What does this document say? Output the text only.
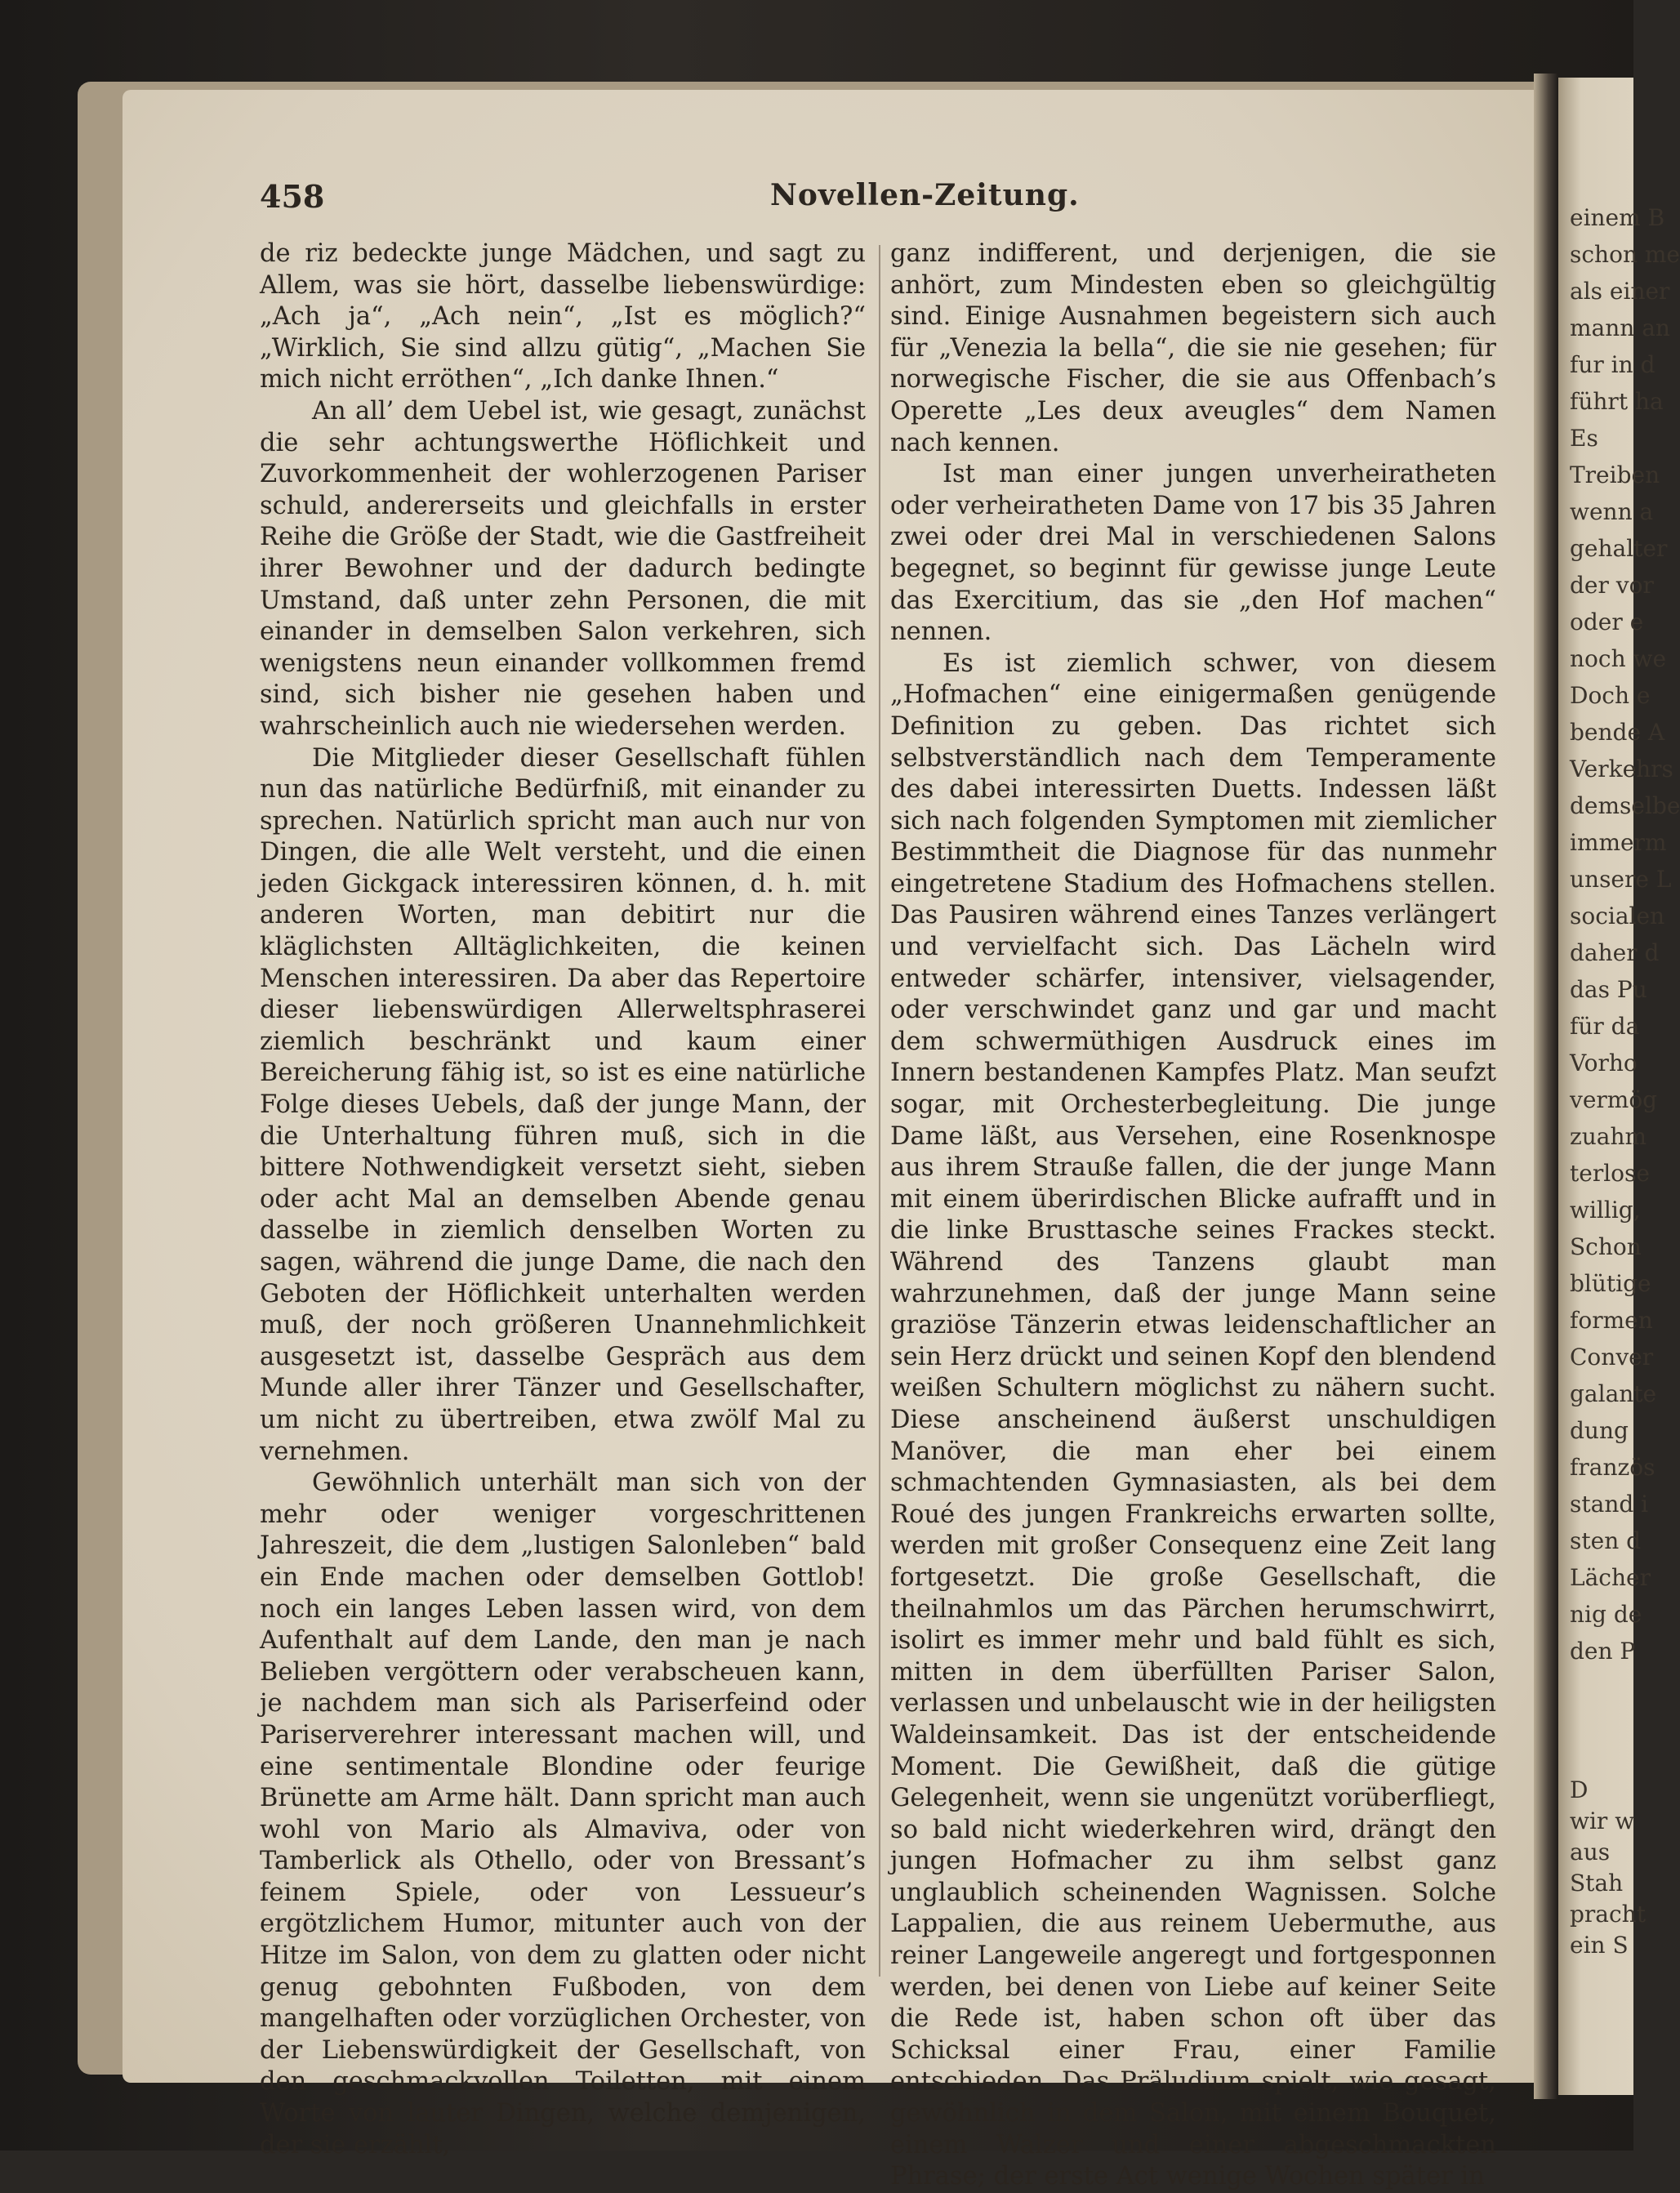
einem B
schon me
als einer
mann an
fur in d
führt ha
Es
Treiben
wenn a
gehalter
der vor
oder e
noch we
Doch e
bende A
Verkehrs
demselbe
immerm
unsere L
socialen
daher d
das Pu
für da
Vorho
vermög
zuahm
terlose
willig,
Schon
blütige
formen
Conver
galante
dung
französ
stand i
sten d
Lächer
nig de
den P
D
wir w
aus
Stah
pracht
ein S
458	Novellen-Zeitung.

de riz bedeckte junge Mädchen, und sagt zu Allem, was sie hört, dasselbe liebenswürdige: „Ach ja“, „Ach nein“, „Ist es möglich?“ „Wirklich, Sie sind allzu gütig“, „Machen Sie mich nicht erröthen“, „Ich danke Ihnen.“

An all’ dem Uebel ist, wie gesagt, zunächst die sehr achtungswerthe Höflichkeit und Zuvorkommenheit der wohlerzogenen Pariser schuld, andererseits und gleichfalls in erster Reihe die Größe der Stadt, wie die Gastfreiheit ihrer Bewohner und der dadurch bedingte Umstand, daß unter zehn Personen, die mit einander in demselben Salon verkehren, sich wenigstens neun einander vollkommen fremd sind, sich bisher nie gesehen haben und wahrscheinlich auch nie wiedersehen werden.

Die Mitglieder dieser Gesellschaft fühlen nun das natürliche Bedürfniß, mit einander zu sprechen. Natürlich spricht man auch nur von Dingen, die alle Welt versteht, und die einen jeden Gickgack interessiren können, d. h. mit anderen Worten, man debitirt nur die kläglichsten Alltäglichkeiten, die keinen Menschen interessiren. Da aber das Repertoire dieser liebenswürdigen Allerweltsphraserei ziemlich beschränkt und kaum einer Bereicherung fähig ist, so ist es eine natürliche Folge dieses Uebels, daß der junge Mann, der die Unterhaltung führen muß, sich in die bittere Nothwendigkeit versetzt sieht, sieben oder acht Mal an demselben Abende genau dasselbe in ziemlich denselben Worten zu sagen, während die junge Dame, die nach den Geboten der Höflichkeit unterhalten werden muß, der noch größeren Unannehmlichkeit ausgesetzt ist, dasselbe Gespräch aus dem Munde aller ihrer Tänzer und Gesellschafter, um nicht zu übertreiben, etwa zwölf Mal zu vernehmen.

Gewöhnlich unterhält man sich von der mehr oder weniger vorgeschrittenen Jahreszeit, die dem „lustigen Salonleben“ bald ein Ende machen oder demselben Gottlob! noch ein langes Leben lassen wird, von dem Aufenthalt auf dem Lande, den man je nach Belieben vergöttern oder verabscheuen kann, je nachdem man sich als Pariserfeind oder Pariserverehrer interessant machen will, und eine sentimentale Blondine oder feurige Brünette am Arme hält. Dann spricht man auch wohl von Mario als Almaviva, oder von Tamberlick als Othello, oder von Bressant’s feinem Spiele, oder von Lessueur’s ergötzlichem Humor, mitunter auch von der Hitze im Salon, von dem zu glatten oder nicht genug gebohnten Fußboden, von dem mangelhaften oder vorzüglichen Orchester, von der Liebenswürdigkeit der Gesellschaft, von den geschmackvollen Toiletten, mit einem Worte von lauter Dingen, welche demjenigen, der sie erzählt,

ganz indifferent, und derjenigen, die sie anhört, zum Mindesten eben so gleichgültig sind. Einige Ausnahmen begeistern sich auch für „Venezia la bella“, die sie nie gesehen; für norwegische Fischer, die sie aus Offenbach’s Operette „Les deux aveugles“ dem Namen nach kennen.

Ist man einer jungen unverheiratheten oder verheiratheten Dame von 17 bis 35 Jahren zwei oder drei Mal in verschiedenen Salons begegnet, so beginnt für gewisse junge Leute das Exercitium, das sie „den Hof machen“ nennen.

Es ist ziemlich schwer, von diesem „Hofmachen“ eine einigermaßen genügende Definition zu geben. Das richtet sich selbstverständlich nach dem Temperamente des dabei interessirten Duetts. Indessen läßt sich nach folgenden Symptomen mit ziemlicher Bestimmtheit die Diagnose für das nunmehr eingetretene Stadium des Hofmachens stellen. Das Pausiren während eines Tanzes verlängert und vervielfacht sich. Das Lächeln wird entweder schärfer, intensiver, vielsagender, oder verschwindet ganz und gar und macht dem schwermüthigen Ausdruck eines im Innern bestandenen Kampfes Platz. Man seufzt sogar, mit Orchesterbegleitung. Die junge Dame läßt, aus Versehen, eine Rosenknospe aus ihrem Strauße fallen, die der junge Mann mit einem überirdischen Blicke aufrafft und in die linke Brusttasche seines Frackes steckt. Während des Tanzens glaubt man wahrzunehmen, daß der junge Mann seine graziöse Tänzerin etwas leidenschaftlicher an sein Herz drückt und seinen Kopf den blendend weißen Schultern möglichst zu nähern sucht. Diese anscheinend äußerst unschuldigen Manöver, die man eher bei einem schmachtenden Gymnasiasten, als bei dem Roué des jungen Frankreichs erwarten sollte, werden mit großer Consequenz eine Zeit lang fortgesetzt. Die große Gesellschaft, die theilnahmlos um das Pärchen herumschwirrt, isolirt es immer mehr und bald fühlt es sich, mitten in dem überfüllten Pariser Salon, verlassen und unbelauscht wie in der heiligsten Waldeinsamkeit. Das ist der entscheidende Moment. Die Gewißheit, daß die gütige Gelegenheit, wenn sie ungenützt vorüberfliegt, so bald nicht wiederkehren wird, drängt den jungen Hofmacher zu ihm selbst ganz unglaublich scheinenden Wagnissen. Solche Lappalien, die aus reinem Uebermuthe, aus reiner Langeweile angeregt und fortgesponnen werden, bei denen von Liebe auf keiner Seite die Rede ist, haben schon oft über das Schicksal einer Frau, einer Familie entschieden. Das Präludium spielt, wie gesagt, gewöhnlich in dem Salon, mit einem Bouquet, einem Walzer und einer abgeschmackten Phrase; der erste Act wenige Wochen später in
